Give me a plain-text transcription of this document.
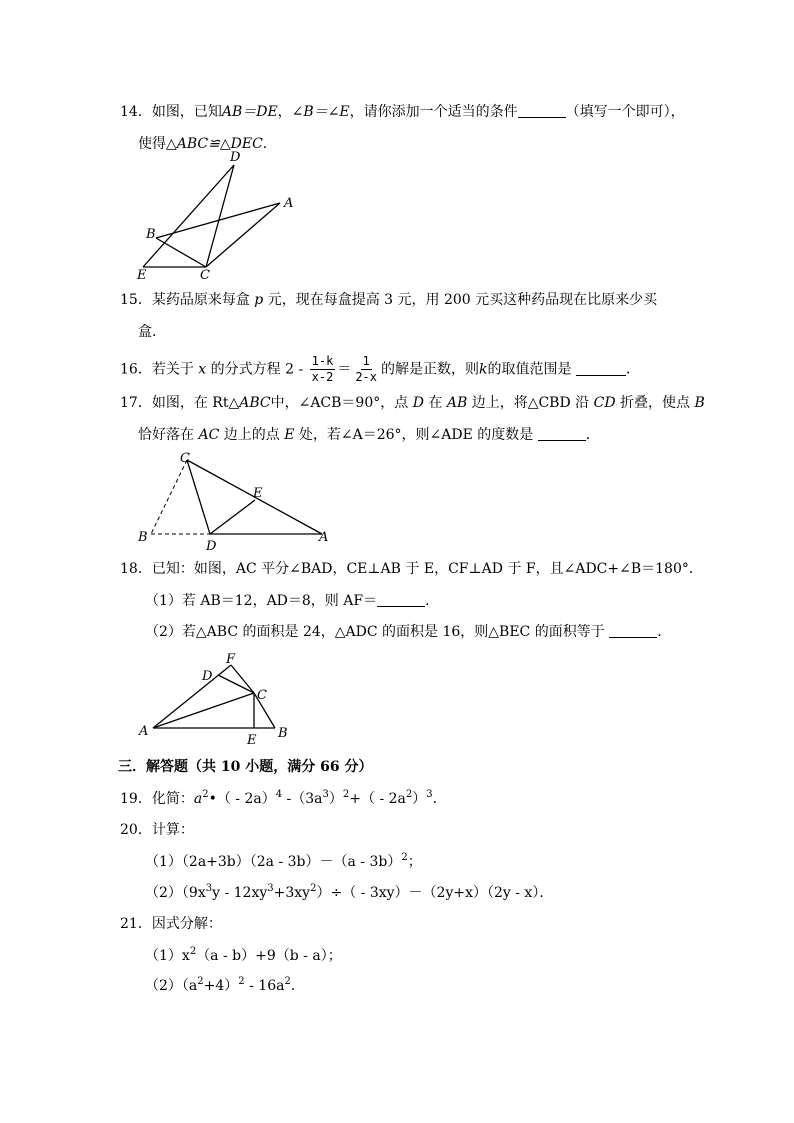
14．如图，已知AB＝DE，∠B＝∠E，请你添加一个适当的条件	（填写一个即可），
使得△ABC≌△DEC．
D
A
B
E	C
15．某药品原来每盒 p 元，现在每盒提高 3 元，用 200 元买这种药品现在比原来少买
盒．
16．若关于 x 的分式方程 $2 - \frac{1-k}{x-2} = \frac{1}{2-x}$ 的解是正数，则k的取值范围是	．
17．如图，在 Rt△ABC中，∠ACB＝90°，点 D 在 AB 边上，将△CBD 沿 CD 折叠，使点 B
恰好落在 AC 边上的点 E 处，若∠A＝26°，则∠ADE 的度数是	．
C
E
B
D
A
18．已知：如图，AC 平分∠BAD，CE⊥AB 于 E，CF⊥AD 于 F，且∠ADC+∠B＝180°．
（1）若 AB＝12，AD＝8，则 AF＝	．
（2）若△ABC 的面积是 24，△ADC 的面积是 16，则△BEC 的面积等于	．
F
D
C
A
E B
三．解答题（共 10 小题，满分 66 分）
19．化简：$a^2•( - 2a)^4$ $-(3a^3)^2+( - 2a^2)^3$．
20．计算：
（1）（2a+3b）（2a - 3b）－（a - 3b）$^2$；
$(2)(9x^3y - 12xy^3+3xy^2)\div( - 3xy)-(2y+x)(2y - x)$．
21．因式分解：
$(1)x^2(a - b)+9(b - a)$；
$(2)(a^2+4)^2 - 16a^2$．
